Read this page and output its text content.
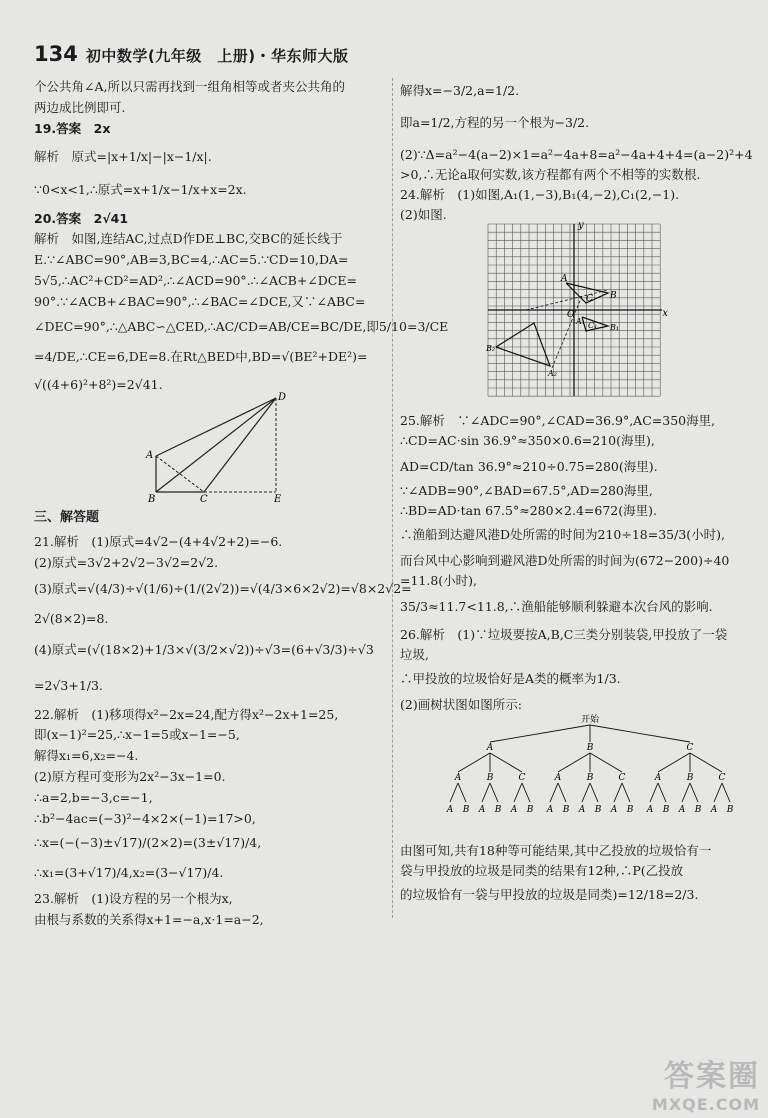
134 初中数学(九年级　上册)・华东师大版
个公共角∠A,所以只需再找到一组角相等或者夹公共角的
两边成比例即可.
19.答案　2x
解析　原式=|x+1/x|−|x−1/x|.
∵0<x<1,∴原式=x+1/x−1/x+x=2x.
20.答案　2√41
解析　如图,连结AC,过点D作DE⊥BC,交BC的延长线于
E.∵∠ABC=90°,AB=3,BC=4,∴AC=5.∵CD=10,DA=
5√5,∴AC²+CD²=AD²,∴∠ACD=90°.∴∠ACB+∠DCE=
90°.∵∠ACB+∠BAC=90°,∴∠BAC=∠DCE,又∵∠ABC=
∠DEC=90°,∴△ABC∽△CED,∴AC/CD=AB/CE=BC/DE,即5/10=3/CE
=4/DE,∴CE=6,DE=8.在Rt△BED中,BD=√(BE²+DE²)=
√((4+6)²+8²)=2√41.
D
A
B	C	E
三、解答题
21.解析　(1)原式=4√2−(4+4√2+2)=−6.
(2)原式=3√2+2√2−3√2=2√2.
(3)原式=√(4/3)÷√(1/6)÷(1/(2√2))=√(4/3×6×2√2)=√8×2√2=
2√(8×2)=8.
(4)原式=(√(18×2)+1/3×√(3/2×√2))÷√3=(6+√3/3)÷√3
=2√3+1/3.
22.解析　(1)移项得x²−2x=24,配方得x²−2x+1=25,
即(x−1)²=25,∴x−1=5或x−1=−5,
解得x₁=6,x₂=−4.
(2)原方程可变形为2x²−3x−1=0.
∴a=2,b=−3,c=−1,
∴b²−4ac=(−3)²−4×2×(−1)=17>0,
∴x=(−(−3)±√17)/(2×2)=(3±√17)/4,
∴x₁=(3+√17)/4,x₂=(3−√17)/4.
23.解析　(1)设方程的另一个根为x,
由根与系数的关系得x+1=−a,x·1=a−2,
解得x=−3/2,a=1/2.
即a=1/2,方程的另一个根为−3/2.
(2)∵Δ=a²−4(a−2)×1=a²−4a+8=a²−4a+4+4=(a−2)²+4
>0,∴无论a取何实数,该方程都有两个不相等的实数根.
24.解析　(1)如图,A₁(1,−3),B₁(4,−2),C₁(2,−1).
(2)如图.
x
y
O
A
B
C
A₁
B₁
C₁
B₂
A₂
25.解析　∵∠ADC=90°,∠CAD=36.9°,AC=350海里,
∴CD=AC·sin 36.9°≈350×0.6=210(海里),
AD=CD/tan 36.9°≈210÷0.75=280(海里).
∵∠ADB=90°,∠BAD=67.5°,AD=280海里,
∴BD=AD·tan 67.5°≈280×2.4=672(海里).
∴渔船到达避风港D处所需的时间为210÷18=35/3(小时),
而台风中心影响到避风港D处所需的时间为(672−200)÷40
=11.8(小时),
35/3≈11.7<11.8,∴渔船能够顺利躲避本次台风的影响.
26.解析　(1)∵垃圾要按A,B,C三类分别装袋,甲投放了一袋
垃圾,
∴甲投放的垃圾恰好是A类的概率为1/3.
(2)画树状图如图所示:
A	B	C
A	B	C	A	B	C	A	B	C
A B A B A B A B A B A B A B A B A B
开始
由图可知,共有18种等可能结果,其中乙投放的垃圾恰有一
袋与甲投放的垃圾是同类的结果有12种,∴P(乙投放
的垃圾恰有一袋与甲投放的垃圾是同类)=12/18=2/3.
答案圈
MXQE.COM
